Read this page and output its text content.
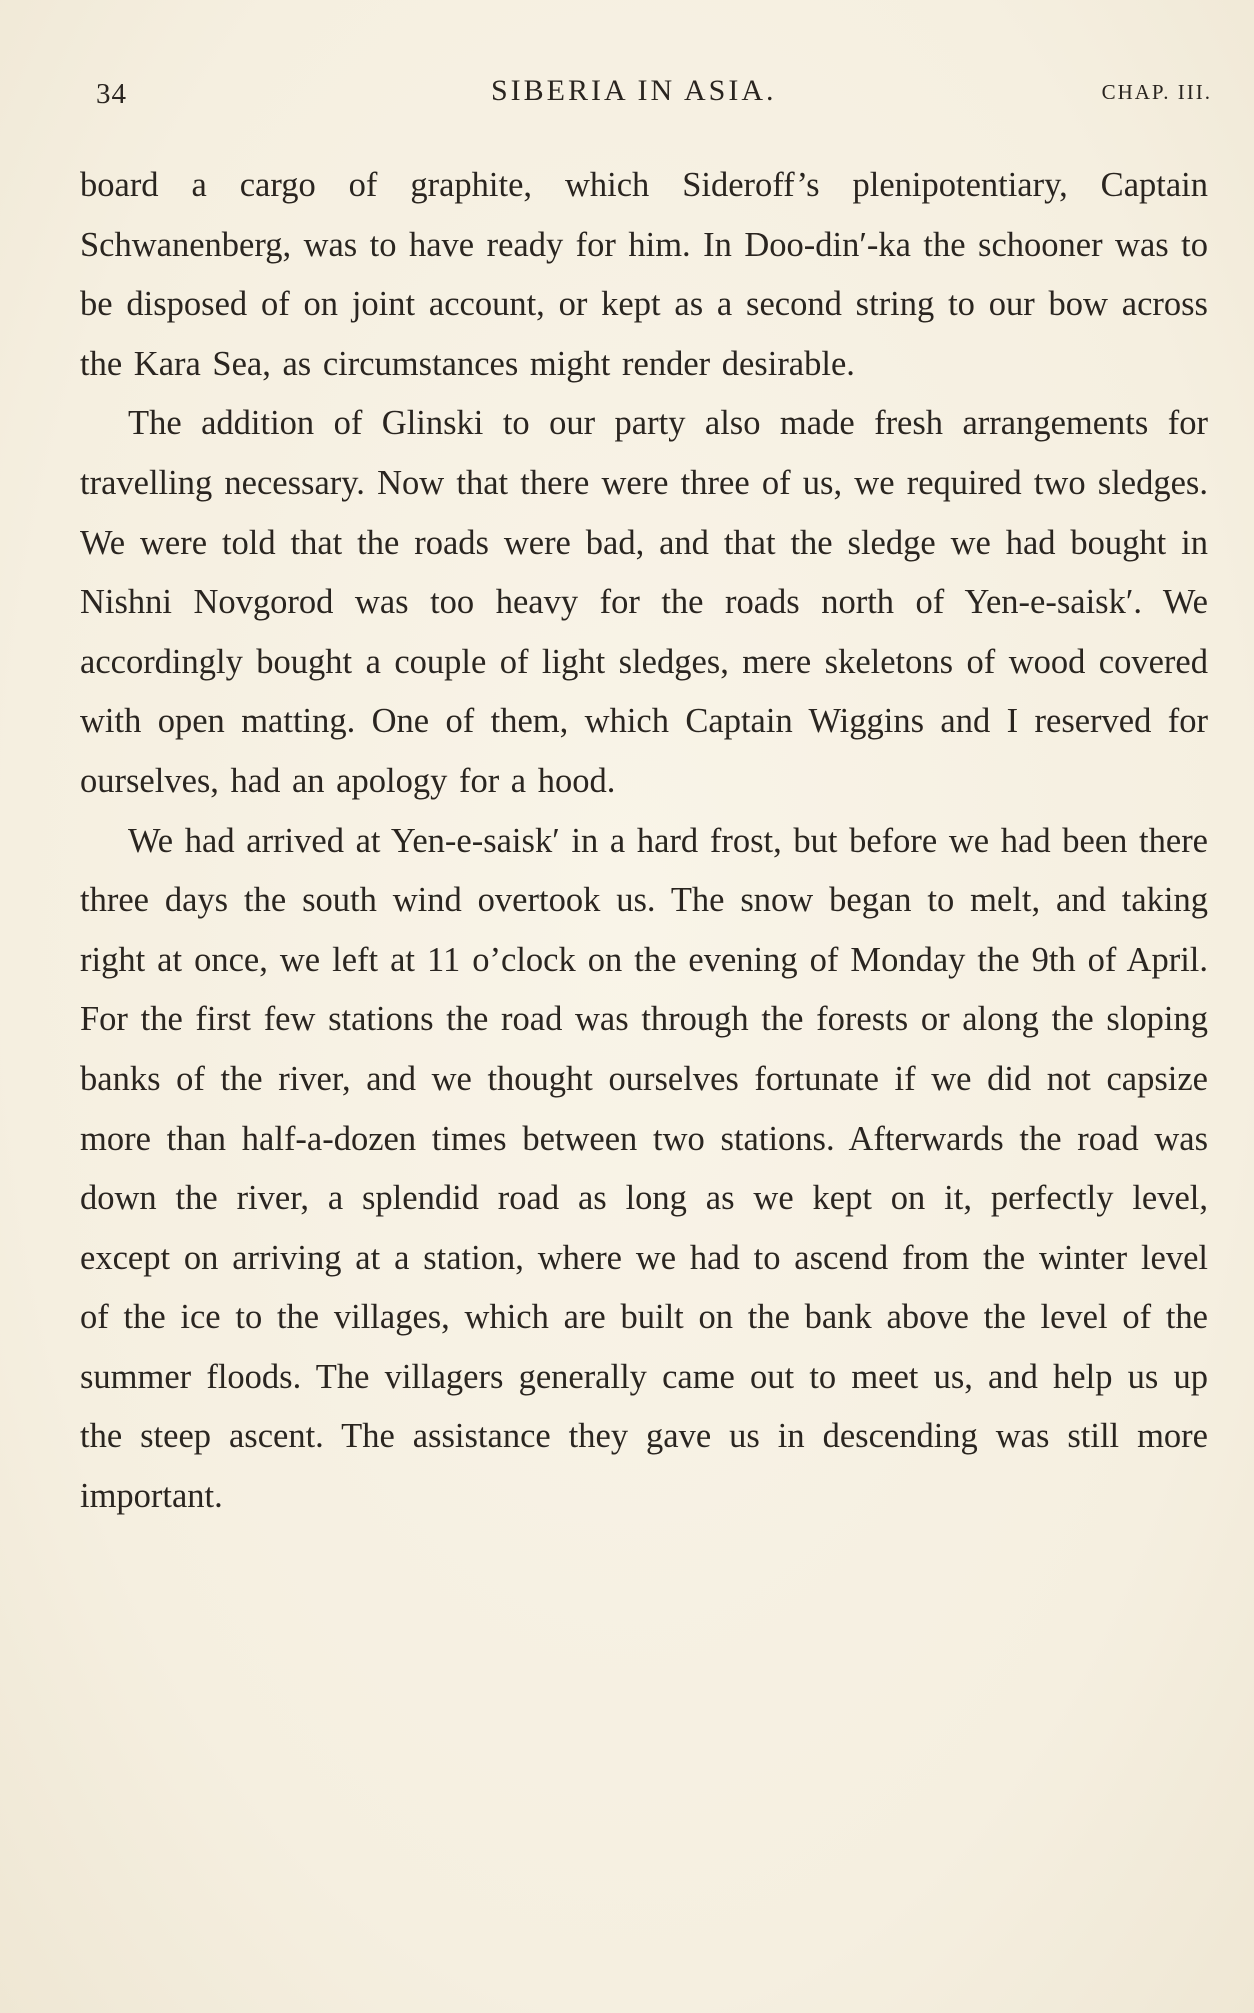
34	SIBERIA IN ASIA.	CHAP. III.

board a cargo of graphite, which Sideroff’s plenipotentiary, Captain Schwanenberg, was to have ready for him. In Doo-din′-ka the schooner was to be disposed of on joint account, or kept as a second string to our bow across the Kara Sea, as circumstances might render desirable.

The addition of Glinski to our party also made fresh arrangements for travelling necessary. Now that there were three of us, we required two sledges. We were told that the roads were bad, and that the sledge we had bought in Nishni Novgorod was too heavy for the roads north of Yen-e-saisk′. We accordingly bought a couple of light sledges, mere skeletons of wood covered with open matting. One of them, which Captain Wiggins and I reserved for ourselves, had an apology for a hood.

We had arrived at Yen-e-saisk′ in a hard frost, but before we had been there three days the south wind overtook us. The snow began to melt, and taking right at once, we left at 11 o’clock on the evening of Monday the 9th of April. For the first few stations the road was through the forests or along the sloping banks of the river, and we thought ourselves fortunate if we did not capsize more than half-a-dozen times between two stations. Afterwards the road was down the river, a splendid road as long as we kept on it, perfectly level, except on arriving at a station, where we had to ascend from the winter level of the ice to the villages, which are built on the bank above the level of the summer floods. The villagers generally came out to meet us, and help us up the steep ascent. The assistance they gave us in descending was still more important.
